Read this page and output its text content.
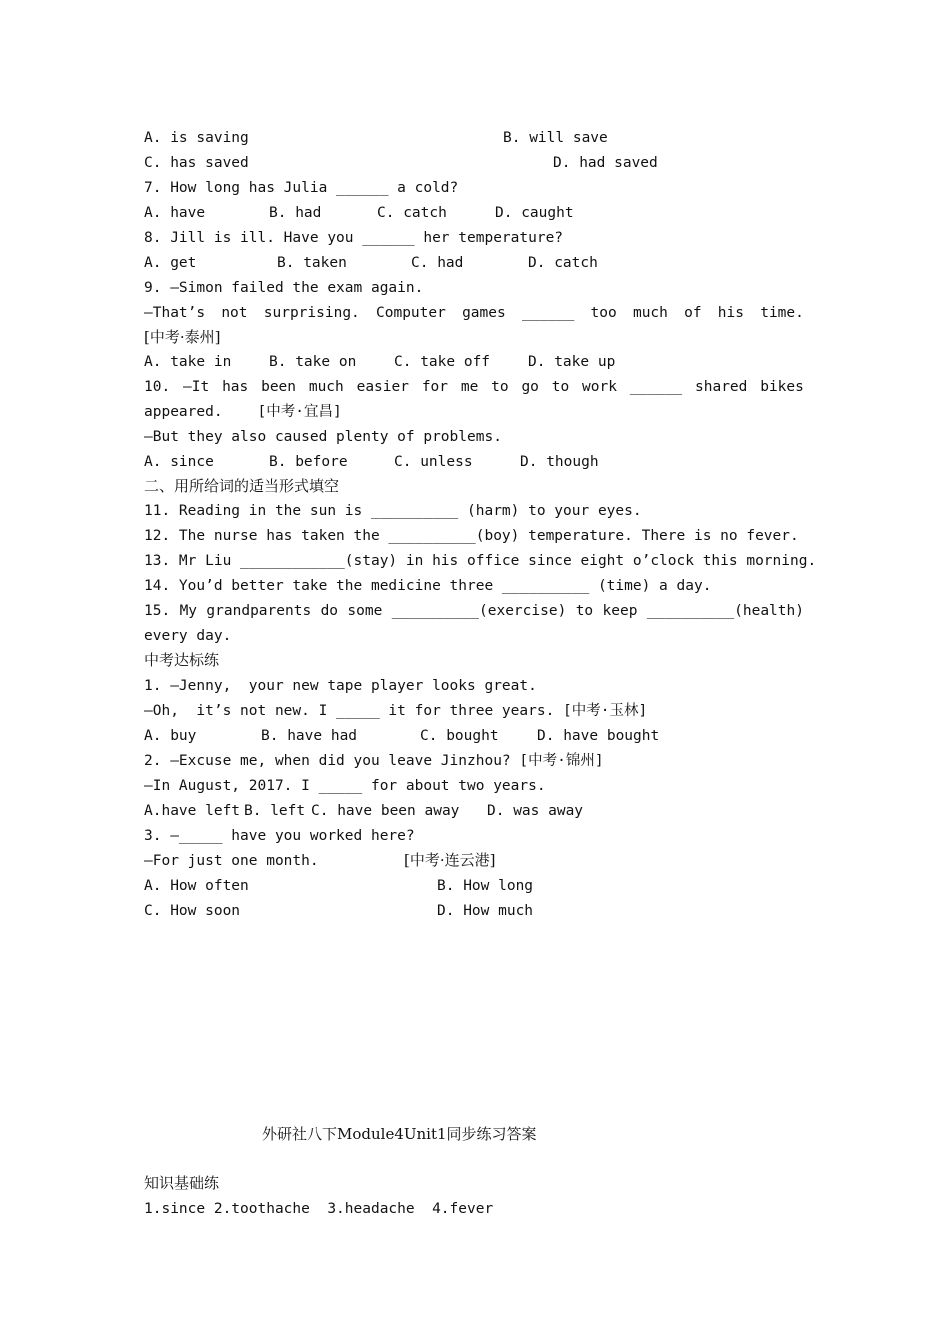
A. is saving	B. will save
C. has saved	D. had saved
7. How long has Julia ______ a cold?
A. have	B. had	C. catch	D. caught
8. Jill is ill. Have you ______ her temperature?
A. get	B. taken	C. had	D. catch
9. —Simon failed the exam again.
—That’s not surprising. Computer games ______ too much of his time.
[中考·泰州]
A. take in	B. take on	C. take off	D. take up
10. —It has been much easier for me to go to work ______ shared bikes
appeared.    [中考·宜昌]
—But they also caused plenty of problems.
A. since	B. before	C. unless	D. though
二、用所给词的适当形式填空
11. Reading in the sun is __________ (harm) to your eyes.
12. The nurse has taken the __________(boy) temperature. There is no fever.
13. Mr Liu ____________(stay) in his office since eight o’clock this morning.
14. You’d better take the medicine three __________ (time) a day.
15. My grandparents do some __________(exercise) to keep __________(health)
every day.
中考达标练
1. —Jenny,  your new tape player looks great.
—Oh,  it’s not new. I _____ it for three years. [中考·玉林]
A. buy	B. have had	C. bought	D. have bought
2. —Excuse me, when did you leave Jinzhou? [中考·锦州]
—In August, 2017. I _____ for about two years.
A.have left B. left C. have been away D. was away
3. —_____ have you worked here?
—For just one month.	[中考·连云港]
A. How often	B. How long
C. How soon	D. How much
外研社八下Module4Unit1同步练习答案
知识基础练
1.since 2.toothache  3.headache  4.fever
